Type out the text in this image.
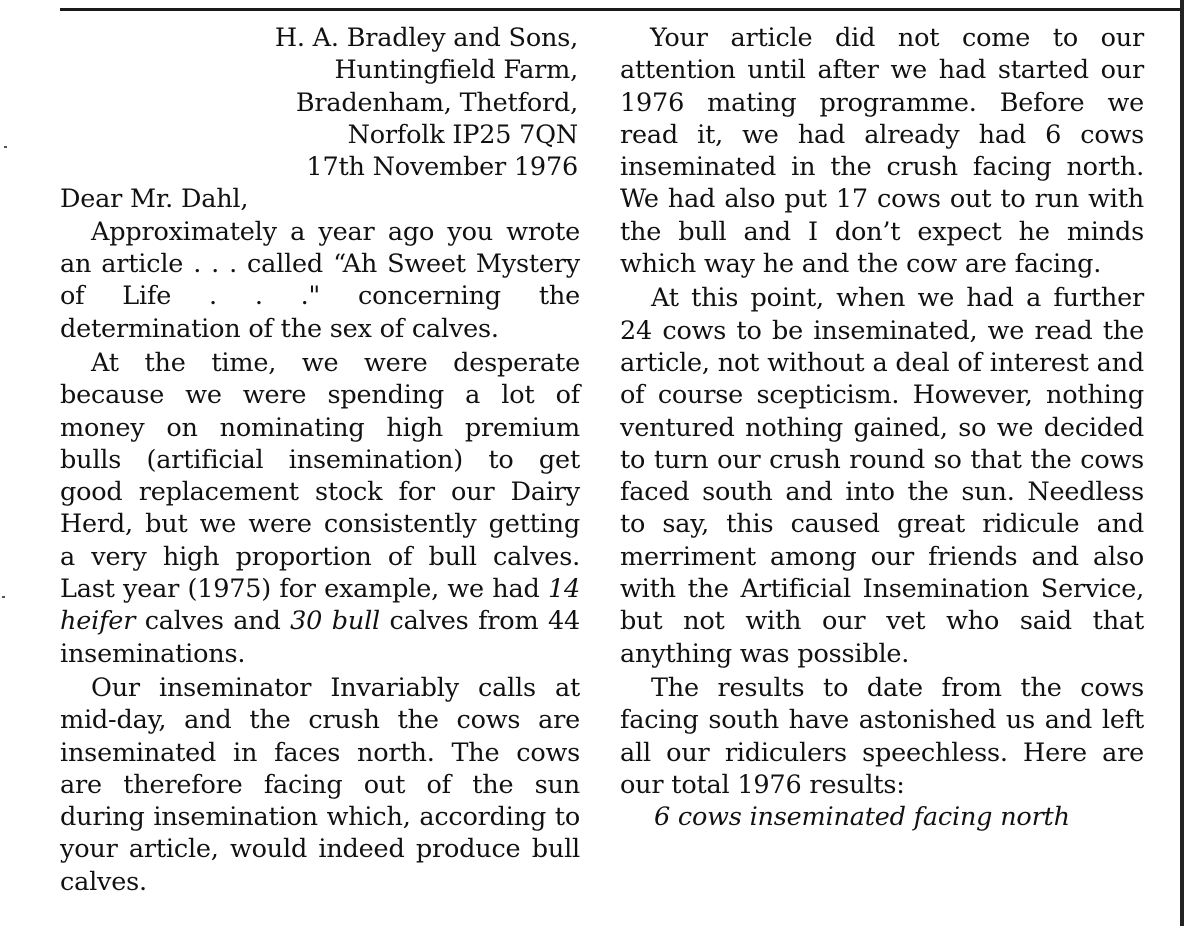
H. A. Bradley and Sons,
Huntingfield Farm,
Bradenham, Thetford,
Norfolk IP25 7QN
17th November 1976

Dear Mr. Dahl,

Approximately a year ago you wrote an article . . . called “Ah Sweet Mystery of Life . . ." concerning the determination of the sex of calves.

At the time, we were desperate because we were spending a lot of money on nominating high premium bulls (artificial insemination) to get good replacement stock for our Dairy Herd, but we were consistently getting a very high proportion of bull calves. Last year (1975) for example, we had 14 heifer calves and 30 bull calves from 44 inseminations.

Our inseminator Invariably calls at mid-day, and the crush the cows are inseminated in faces north. The cows are therefore facing out of the sun during insemination which, according to your article, would indeed produce bull calves.

Your article did not come to our attention until after we had started our 1976 mating programme. Before we read it, we had already had 6 cows inseminated in the crush facing north. We had also put 17 cows out to run with the bull and I don’t expect he minds which way he and the cow are facing.

At this point, when we had a further 24 cows to be inseminated, we read the article, not without a deal of interest and of course scepticism. However, nothing ventured nothing gained, so we decided to turn our crush round so that the cows faced south and into the sun. Needless to say, this caused great ridicule and merriment among our friends and also with the Artificial Insemination Service, but not with our vet who said that anything was possible.

The results to date from the cows facing south have astonished us and left all our ridiculers speechless. Here are our total 1976 results:

6 cows inseminated facing north
